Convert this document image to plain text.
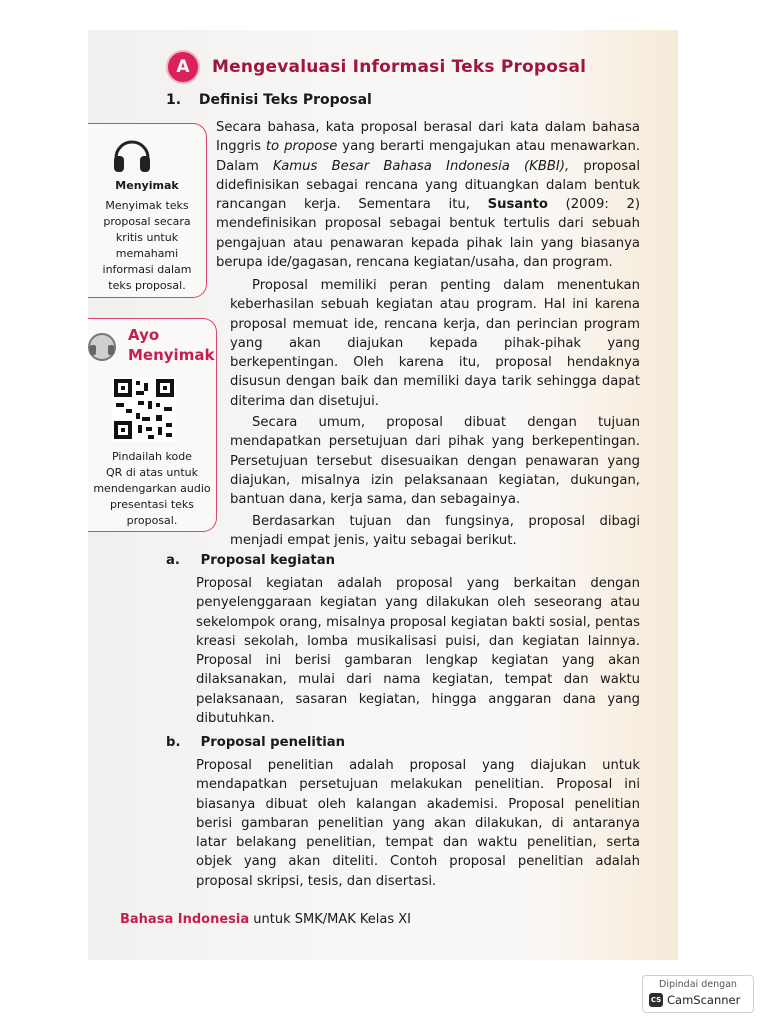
A	Mengevaluasi Informasi Teks Proposal
1. Definisi Teks Proposal
Menyimak
Menyimak teks
proposal secara
kritis untuk
memahami
informasi dalam
teks proposal.
Ayo
Menyimak
Pindailah kode
QR di atas untuk
mendengarkan audio
presentasi teks
proposal.

Secara bahasa, kata proposal berasal dari kata dalam bahasa Inggris to propose yang berarti mengajukan atau menawarkan. Dalam Kamus Besar Bahasa Indonesia (KBBI), proposal didefinisikan sebagai rencana yang dituangkan dalam bentuk rancangan kerja. Sementara itu, Susanto (2009: 2) mendefinisikan proposal sebagai bentuk tertulis dari sebuah pengajuan atau penawaran kepada pihak lain yang biasanya berupa ide/gagasan, rencana kegiatan/usaha, dan program.

Proposal memiliki peran penting dalam menentukan keberhasilan sebuah kegiatan atau program. Hal ini karena proposal memuat ide, rencana kerja, dan perincian program yang akan diajukan kepada pihak-pihak yang berkepentingan. Oleh karena itu, proposal hendaknya disusun dengan baik dan memiliki daya tarik sehingga dapat diterima dan disetujui.

Secara umum, proposal dibuat dengan tujuan mendapatkan persetujuan dari pihak yang berkepentingan. Persetujuan tersebut disesuaikan dengan penawaran yang diajukan, misalnya izin pelaksanaan kegiatan, dukungan, bantuan dana, kerja sama, dan sebagainya.

Berdasarkan tujuan dan fungsinya, proposal dibagi menjadi empat jenis, yaitu sebagai berikut.

a. Proposal kegiatan

Proposal kegiatan adalah proposal yang berkaitan dengan penyelenggaraan kegiatan yang dilakukan oleh seseorang atau sekelompok orang, misalnya proposal kegiatan bakti sosial, pentas kreasi sekolah, lomba musikalisasi puisi, dan kegiatan lainnya. Proposal ini berisi gambaran lengkap kegiatan yang akan dilaksanakan, mulai dari nama kegiatan, tempat dan waktu pelaksanaan, sasaran kegiatan, hingga anggaran dana yang dibutuhkan.

b. Proposal penelitian

Proposal penelitian adalah proposal yang diajukan untuk mendapatkan persetujuan melakukan penelitian. Proposal ini biasanya dibuat oleh kalangan akademisi. Proposal penelitian berisi gambaran penelitian yang akan dilakukan, di antaranya latar belakang penelitian, tempat dan waktu penelitian, serta objek yang akan diteliti. Contoh proposal penelitian adalah proposal skripsi, tesis, dan disertasi.

Bahasa Indonesia untuk SMK/MAK Kelas XI
Dipindai dengan
CS CamScanner
